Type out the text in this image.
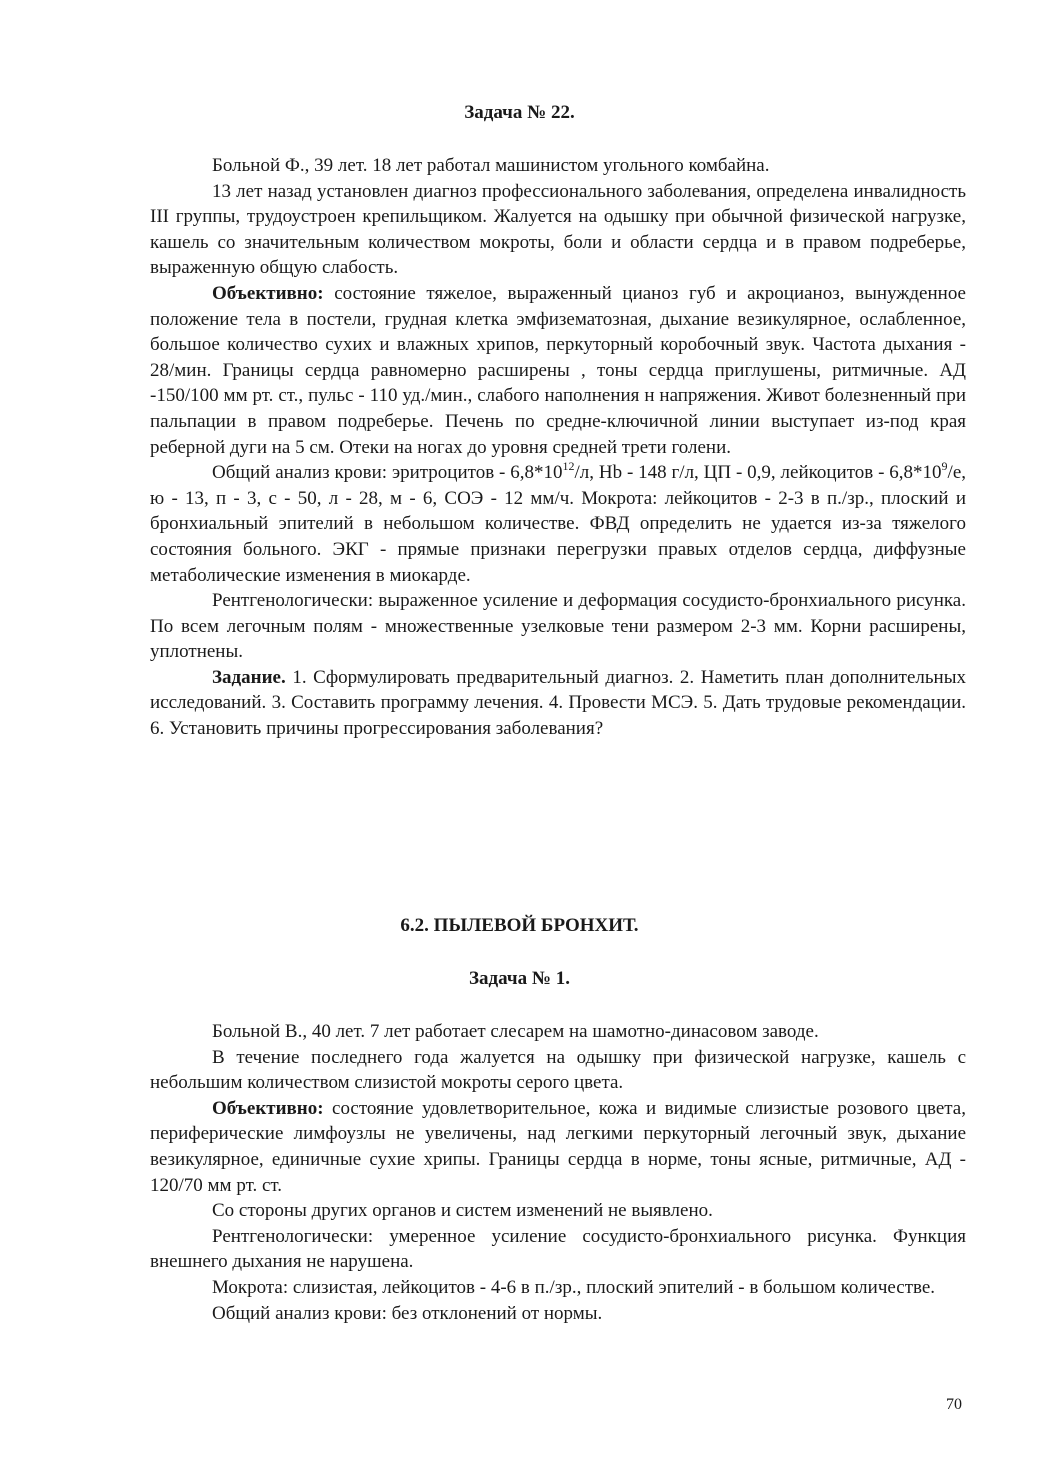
Задача № 22.

Больной Ф., 39 лет. 18 лет работал машинистом угольного комбайна.

13 лет назад установлен диагноз профессионального заболевания, определена инвалидность III группы, трудоустроен крепильщиком. Жалуется на одышку при обычной физической нагрузке, кашель со значительным количеством мокроты, боли и области сердца и в правом подреберье, выраженную общую слабость.

Объективно: состояние тяжелое, выраженный цианоз губ и акроцианоз, вынужденное положение тела в постели, грудная клетка эмфизематозная, дыхание везикулярное, ослабленное, большое количество сухих и влажных хрипов, перкуторный коробочный звук. Частота дыхания - 28/мин. Границы сердца равномерно расширены , тоны сердца приглушены, ритмичные. АД -150/100 мм рт. ст., пульс - 110 уд./мин., слабого наполнения н напряжения. Живот болезненный при пальпации в правом подреберье. Печень по средне-ключичной линии выступает из-под края реберной дуги на 5 см. Отеки на ногах до уровня средней трети голени.

Общий анализ крови: эритроцитов - $6,8*10^{12}/л$, Hb - 148 г/л, ЦП - 0,9, лейкоцитов - $6,8*10^9/е$, ю - 13, п - 3, с - 50, л - 28, м - 6, СОЭ - 12 мм/ч. Мокрота: лейкоцитов - 2-3 в п./зр., плоский и бронхиальный эпителий в небольшом количестве. ФВД определить не удается из-за тяжелого состояния больного. ЭКГ - прямые признаки перегрузки правых отделов сердца, диффузные метаболические изменения в миокарде.

Рентгенологически: выраженное усиление и деформация сосудисто-бронхиального рисунка. По всем легочным полям - множественные узелковые тени размером 2-3 мм. Корни расширены, уплотнены.

Задание. 1. Сформулировать предварительный диагноз. 2. Наметить план дополнительных исследований. 3. Составить программу лечения. 4. Провести МСЭ. 5. Дать трудовые рекомендации. 6. Установить причины прогрессирования заболевания?

6.2. ПЫЛЕВОЙ БРОНХИТ.
Задача № 1.

Больной В., 40 лет. 7 лет работает слесарем на шамотно-динасовом заводе.

В течение последнего года жалуется на одышку при физической нагрузке, кашель с небольшим количеством слизистой мокроты серого цвета.

Объективно: состояние удовлетворительное, кожа и видимые слизистые розового цвета, периферические лимфоузлы не увеличены, над легкими перкуторный легочный звук, дыхание везикулярное, единичные сухие хрипы. Границы сердца в норме, тоны ясные, ритмичные, АД - 120/70 мм рт. ст.

Со стороны других органов и систем изменений не выявлено.

Рентгенологически: умеренное усиление сосудисто-бронхиального рисунка. Функция внешнего дыхания не нарушена.

Мокрота: слизистая, лейкоцитов - 4-6 в п./зр., плоский эпителий - в большом количестве.

Общий анализ крови: без отклонений от нормы.

70
